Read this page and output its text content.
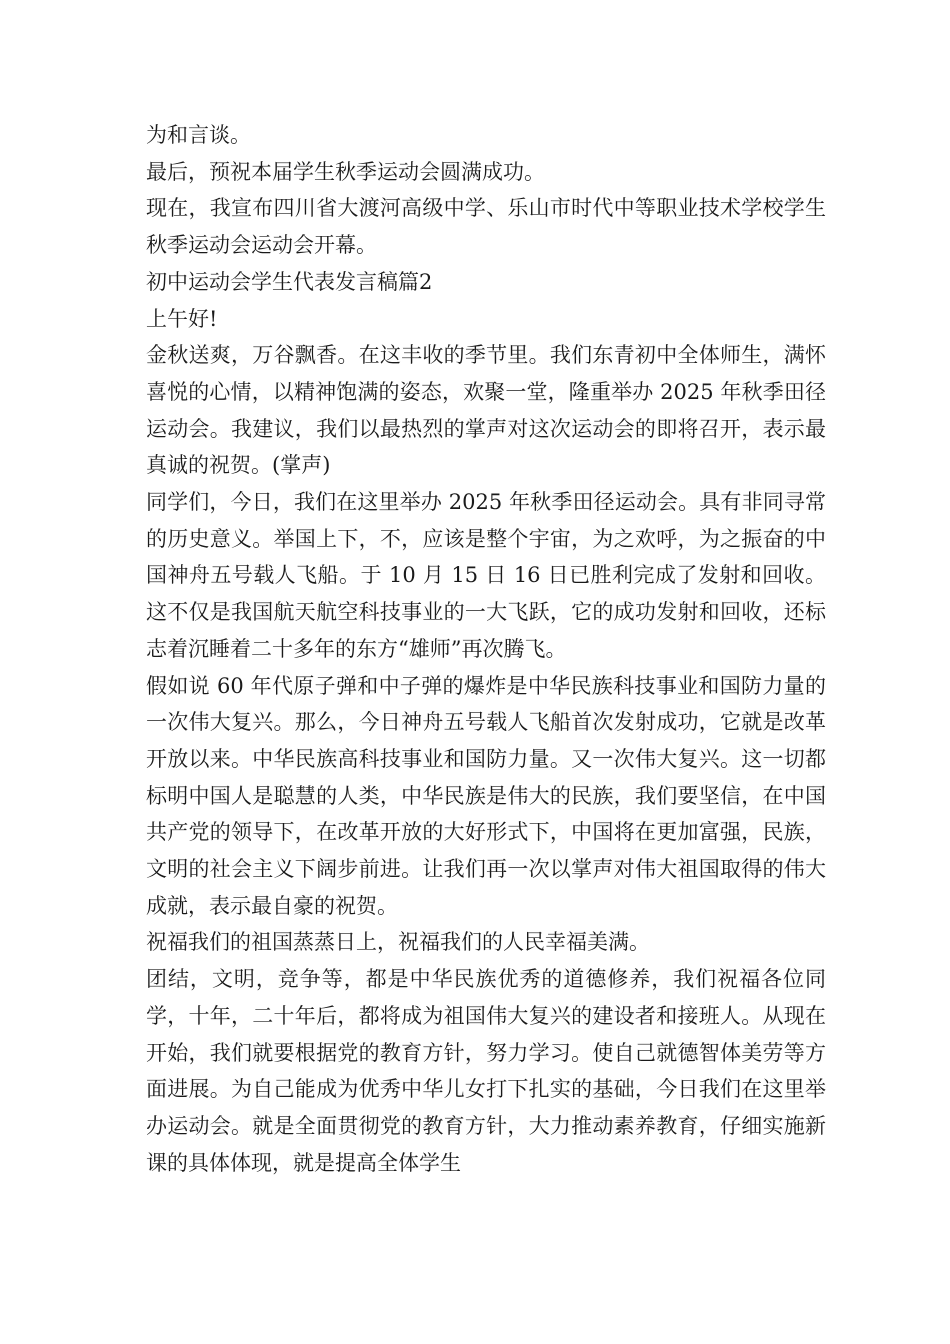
为和言谈。

最后，预祝本届学生秋季运动会圆满成功。

现在，我宣布四川省大渡河高级中学、乐山市时代中等职业技术学校学生秋季运动会运动会开幕。

初中运动会学生代表发言稿篇2

上午好!

金秋送爽，万谷飘香。在这丰收的季节里。我们东青初中全体师生，满怀喜悦的心情，以精神饱满的姿态，欢聚一堂，隆重举办 2025 年秋季田径运动会。我建议，我们以最热烈的掌声对这次运动会的即将召开，表示最真诚的祝贺。(掌声)

同学们，今日，我们在这里举办 2025 年秋季田径运动会。具有非同寻常的历史意义。举国上下，不，应该是整个宇宙，为之欢呼，为之振奋的中国神舟五号载人飞船。于 10 月 15 日 16 日已胜利完成了发射和回收。这不仅是我国航天航空科技事业的一大飞跃，它的成功发射和回收，还标志着沉睡着二十多年的东方“雄师”再次腾飞。

假如说 60 年代原子弹和中子弹的爆炸是中华民族科技事业和国防力量的一次伟大复兴。那么，今日神舟五号载人飞船首次发射成功，它就是改革开放以来。中华民族高科技事业和国防力量。又一次伟大复兴。这一切都标明中国人是聪慧的人类，中华民族是伟大的民族，我们要坚信，在中国共产党的领导下，在改革开放的大好形式下，中国将在更加富强，民族，文明的社会主义下阔步前进。让我们再一次以掌声对伟大祖国取得的伟大成就，表示最自豪的祝贺。

祝福我们的祖国蒸蒸日上，祝福我们的人民幸福美满。

团结，文明，竞争等，都是中华民族优秀的道德修养，我们祝福各位同学，十年，二十年后，都将成为祖国伟大复兴的建设者和接班人。从现在开始，我们就要根据党的教育方针，努力学习。使自己就德智体美劳等方面进展。为自己能成为优秀中华儿女打下扎实的基础，今日我们在这里举办运动会。就是全面贯彻党的教育方针，大力推动素养教育，仔细实施新课的具体体现，就是提高全体学生
